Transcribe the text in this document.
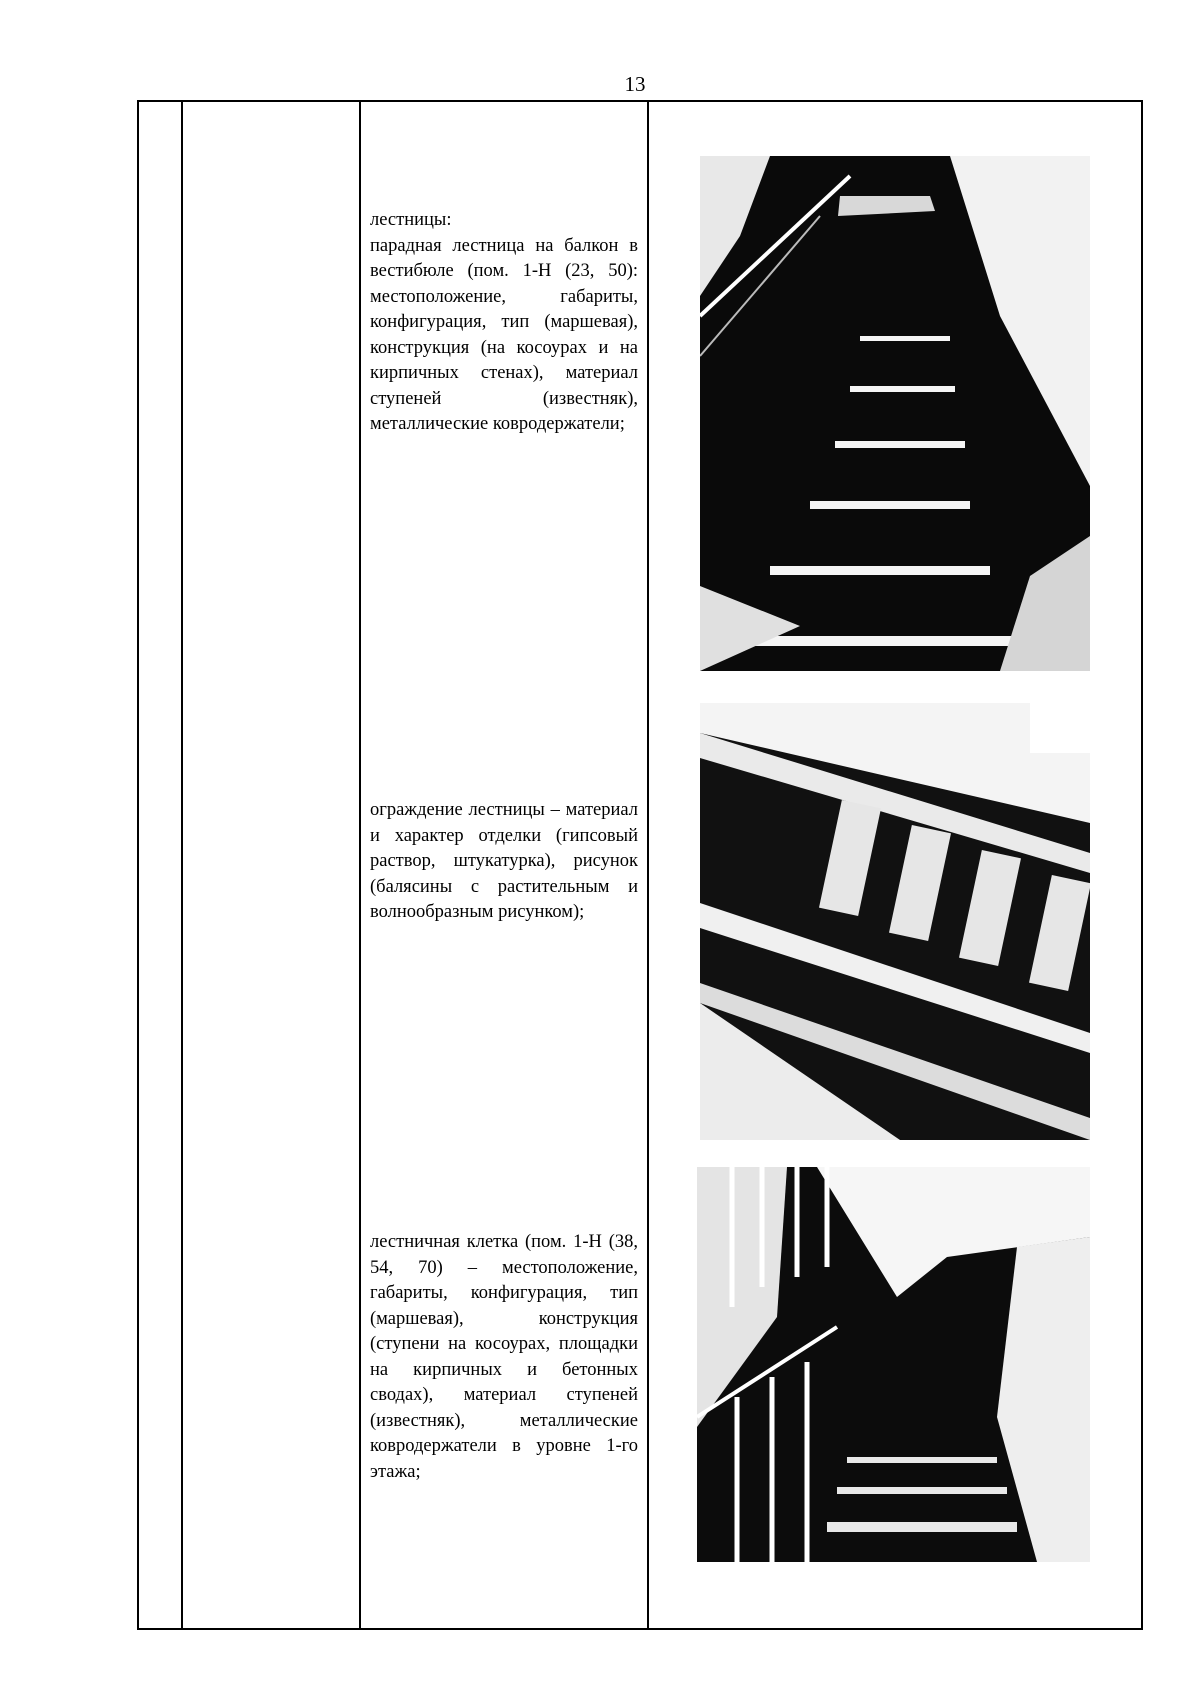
13

лестницы:

парадная лестница на балкон в вестибюле (пом. 1-Н (23, 50): местоположение, габариты, конфигурация, тип (маршевая), конструкция (на косоурах и на кирпичных стенах), материал ступеней (известняк), металлические ковродержатели;

ограждение лестницы – материал и характер отделки (гипсовый раствор, штукатурка), рисунок (балясины с растительным и волнообразным рисунком);

лестничная клетка (пом. 1-Н (38, 54, 70) – местоположение, габариты, конфигурация, тип (маршевая), конструкция (ступени на косоурах, площадки на кирпичных и бетонных сводах), материал ступеней (известняк), металлические ковродержатели в уровне 1-го этажа;
